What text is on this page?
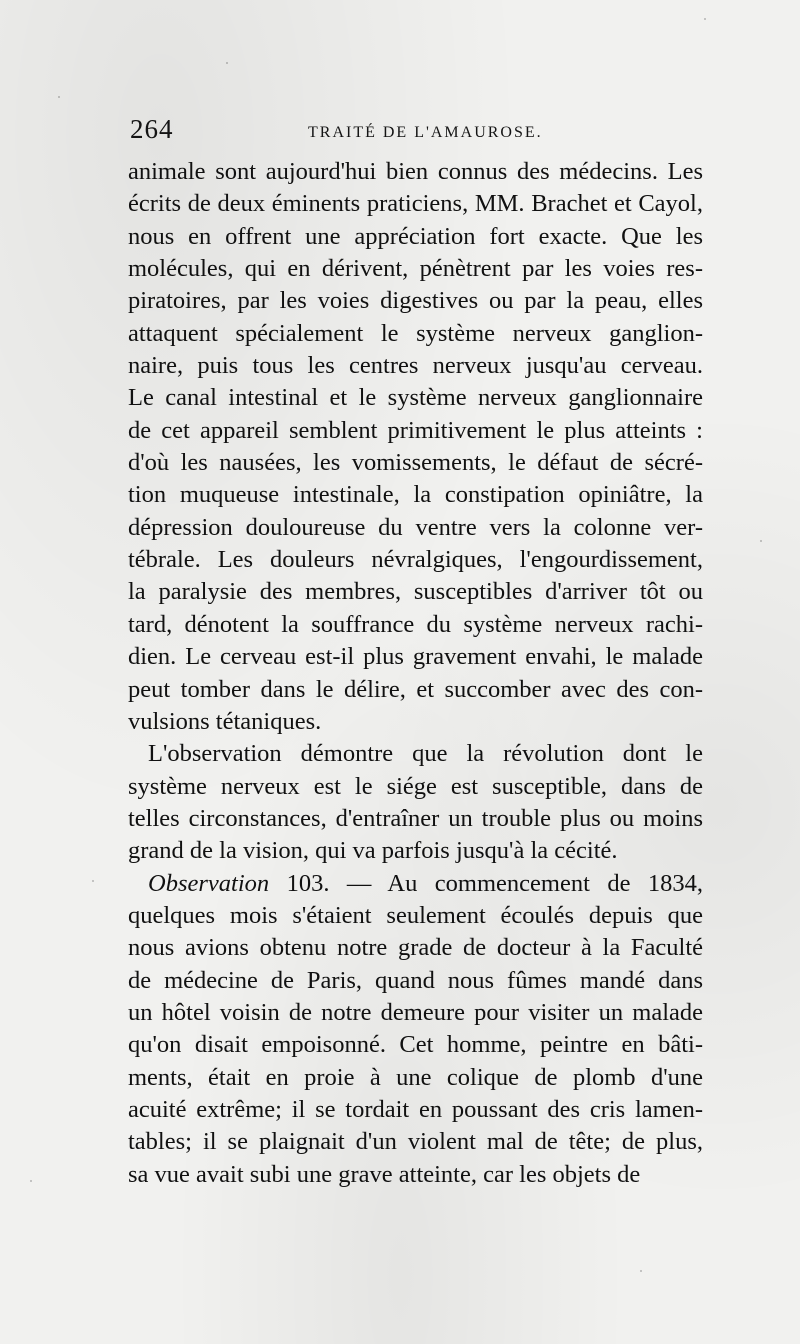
264	TRAITÉ DE L'AMAUROSE.

animale sont aujourd'hui bien connus des médecins. Les
écrits de deux éminents praticiens, MM. Brachet et Cayol,
nous en offrent une appréciation fort exacte. Que les
molécules, qui en dérivent, pénètrent par les voies res-
piratoires, par les voies digestives ou par la peau, elles
attaquent spécialement le système nerveux ganglion-
naire, puis tous les centres nerveux jusqu'au cerveau.
Le canal intestinal et le système nerveux ganglionnaire
de cet appareil semblent primitivement le plus atteints :
d'où les nausées, les vomissements, le défaut de sécré-
tion muqueuse intestinale, la constipation opiniâtre, la
dépression douloureuse du ventre vers la colonne ver-
tébrale. Les douleurs névralgiques, l'engourdissement,
la paralysie des membres, susceptibles d'arriver tôt ou
tard, dénotent la souffrance du système nerveux rachi-
dien. Le cerveau est-il plus gravement envahi, le malade
peut tomber dans le délire, et succomber avec des con-
vulsions tétaniques.

L'observation démontre que la révolution dont le
système nerveux est le siége est susceptible, dans de
telles circonstances, d'entraîner un trouble plus ou moins
grand de la vision, qui va parfois jusqu'à la cécité.

Observation 103. — Au commencement de 1834,
quelques mois s'étaient seulement écoulés depuis que
nous avions obtenu notre grade de docteur à la Faculté
de médecine de Paris, quand nous fûmes mandé dans
un hôtel voisin de notre demeure pour visiter un malade
qu'on disait empoisonné. Cet homme, peintre en bâti-
ments, était en proie à une colique de plomb d'une
acuité extrême; il se tordait en poussant des cris lamen-
tables; il se plaignait d'un violent mal de tête; de plus,
sa vue avait subi une grave atteinte, car les objets de
